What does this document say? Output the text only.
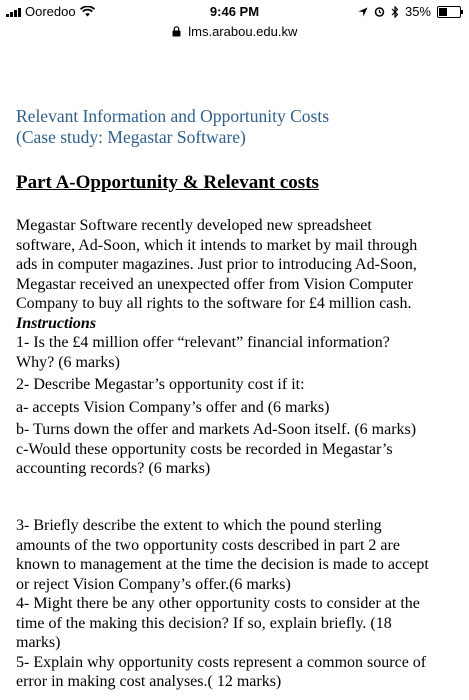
Ooredoo	9:46 PM	35%
lms.arabou.edu.kw
Relevant Information and Opportunity Costs
(Case study: Megastar Software)
Part A-Opportunity & Relevant costs
Megastar Software recently developed new spreadsheet
software, Ad-Soon, which it intends to market by mail through
ads in computer magazines. Just prior to introducing Ad-Soon,
Megastar received an unexpected offer from Vision Computer
Company to buy all rights to the software for £4 million cash.
Instructions
1- Is the £4 million offer “relevant” financial information?
Why? (6 marks)
2- Describe Megastar’s opportunity cost if it:
a- accepts Vision Company’s offer and (6 marks)
b- Turns down the offer and markets Ad-Soon itself. (6 marks)
c-Would these opportunity costs be recorded in Megastar’s
accounting records? (6 marks)
3- Briefly describe the extent to which the pound sterling
amounts of the two opportunity costs described in part 2 are
known to management at the time the decision is made to accept
or reject Vision Company’s offer.(6 marks)
4- Might there be any other opportunity costs to consider at the
time of the making this decision? If so, explain briefly. (18
marks)
5- Explain why opportunity costs represent a common source of
error in making cost analyses.( 12 marks)
